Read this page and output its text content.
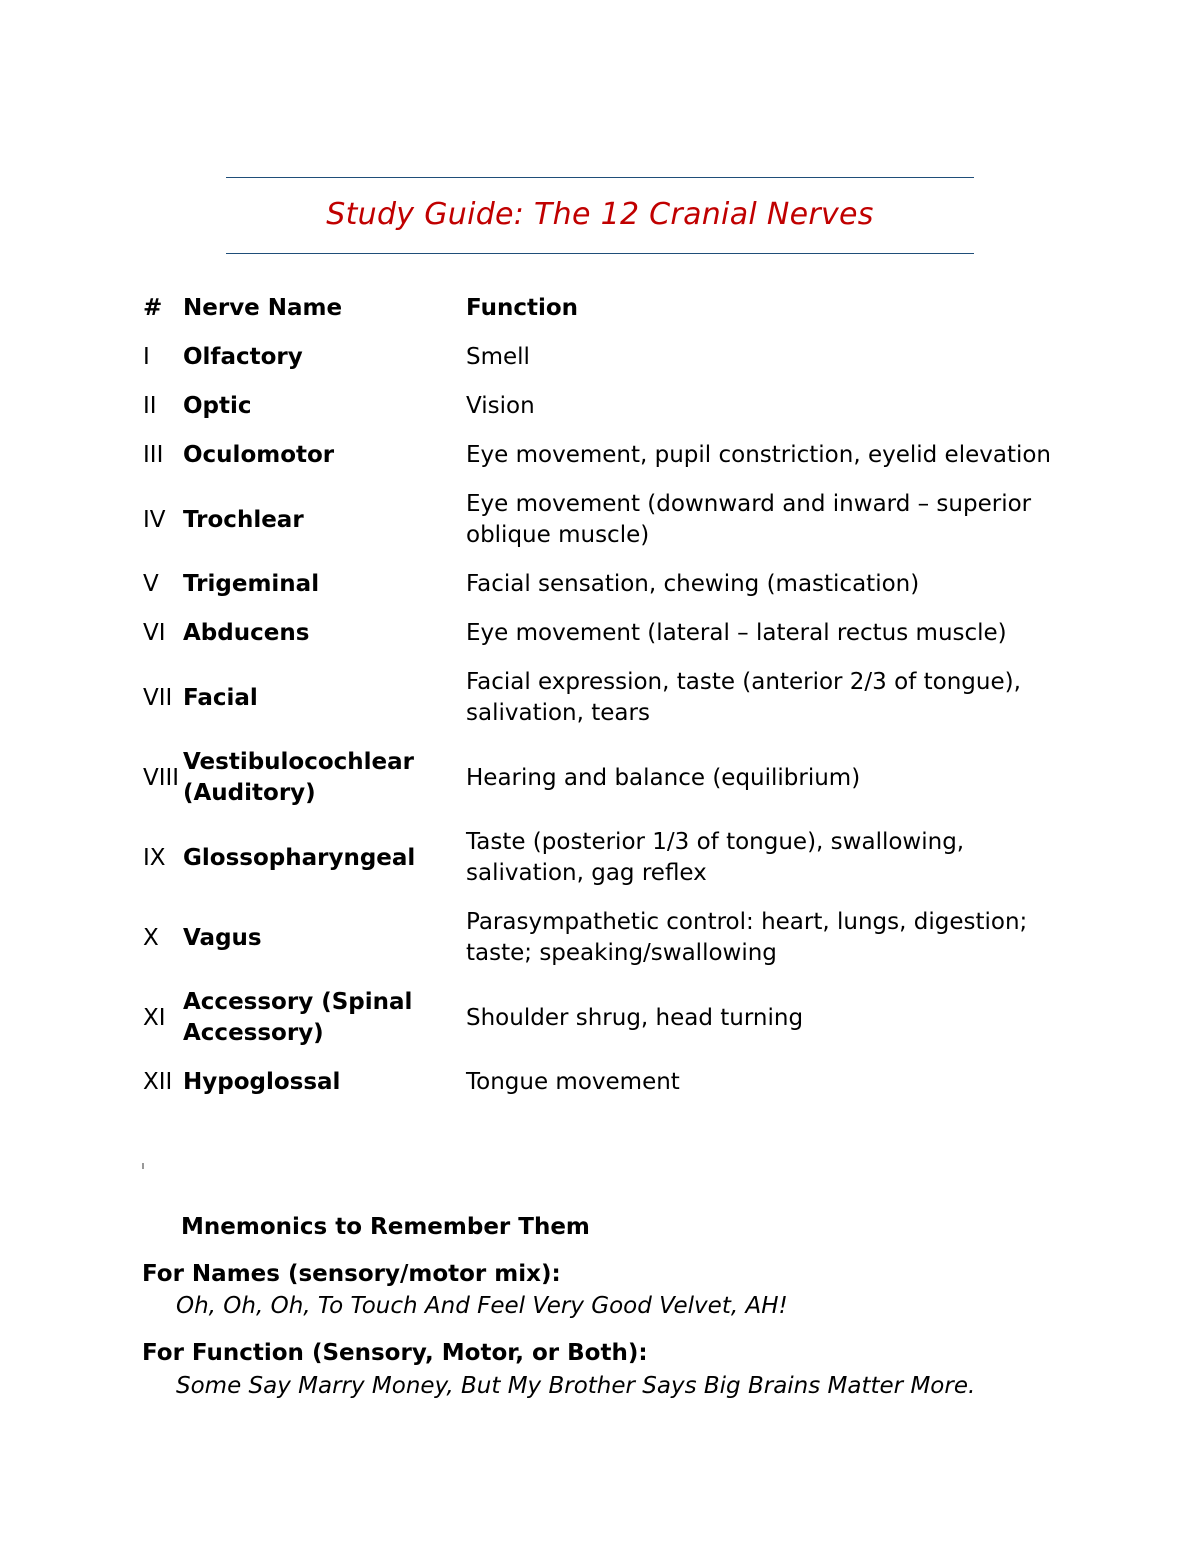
Study Guide: The 12 Cranial Nerves
#	Nerve Name	Function
I	Olfactory	Smell
II	Optic	Vision
III	Oculomotor	Eye movement, pupil constriction, eyelid elevation
IV	Trochlear	Eye movement (downward and inward – superior oblique muscle)
V	Trigeminal	Facial sensation, chewing (mastication)
VI	Abducens	Eye movement (lateral – lateral rectus muscle)
VII	Facial	Facial expression, taste (anterior 2/3 of tongue), salivation, tears
VIII	Vestibulocochlear (Auditory)	Hearing and balance (equilibrium)
IX	Glossopharyngeal	Taste (posterior 1/3 of tongue), swallowing, salivation, gag reflex
X	Vagus	Parasympathetic control: heart, lungs, digestion; taste; speaking/swallowing
XI	Accessory (Spinal Accessory)	Shoulder shrug, head turning
XII	Hypoglossal	Tongue movement
Mnemonics to Remember Them
For Names (sensory/motor mix):
Oh, Oh, Oh, To Touch And Feel Very Good Velvet, AH!
For Function (Sensory, Motor, or Both):
Some Say Marry Money, But My Brother Says Big Brains Matter More.
